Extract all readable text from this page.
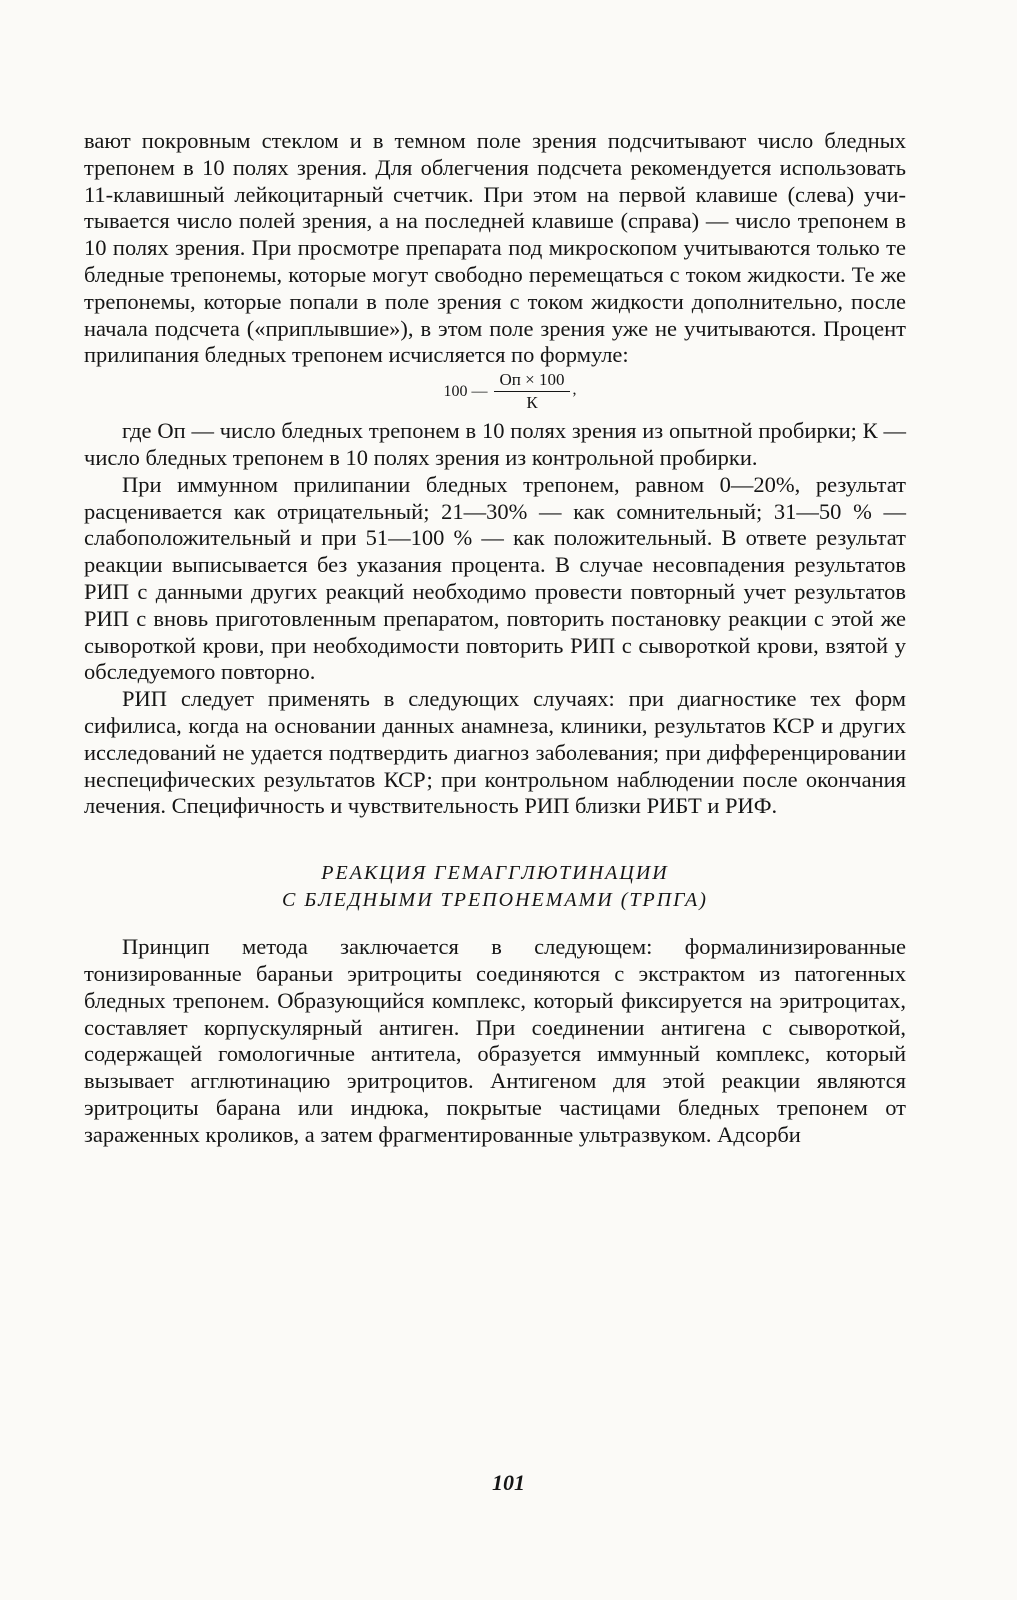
вают покровным стеклом и в темном поле зрения подсчитывают число бледных трепонем в 10 полях зрения. Для облегчения подсчета рекомендуется использовать 11-клавишный лейкоцитарный счетчик. При этом на первой клавише (слева) учитывается число полей зрения, а на последней клавише (справа) — число трепонем в 10 полях зрения. При просмотре препарата под микроскопом учитываются только те бледные трепонемы, которые могут свободно перемещаться с током жидкости. Те же трепонемы, которые попали в поле зрения с током жидкости дополнительно, после начала подсчета («приплывшие»), в этом поле зрения уже не учитываются. Процент прилипания бледных трепонем исчисляется по формуле:

100 — $\frac{Оп \times 100}{К}$ ,

где Оп — число бледных трепонем в 10 полях зрения из опытной пробирки; К — число бледных трепонем в 10 полях зрения из контрольной пробирки.

При иммунном прилипании бледных трепонем, равном 0—20%, результат расценивается как отрицательный; 21—30% — как сомнительный; 31—50 % — слабоположительный и при 51—100 % — как положительный. В ответе результат реакции выписывается без указания процента. В случае несовпадения результатов РИП с данными других реакций необходимо провести повторный учет результатов РИП с вновь приготовленным препаратом, повторить постановку реакции с этой же сывороткой крови, при необходимости повторить РИП с сывороткой крови, взятой у обследуемого повторно.

РИП следует применять в следующих случаях: при диагностике тех форм сифилиса, когда на основании данных анамнеза, клиники, результатов КСР и других исследований не удается подтвердить диагноз заболевания; при дифференцировании неспецифических результатов КСР; при контрольном наблюдении после окончания лечения. Специфичность и чувствительность РИП близки РИБТ и РИФ.

РЕАКЦИЯ ГЕМАГГЛЮТИНАЦИИ
С БЛЕДНЫМИ ТРЕПОНЕМАМИ (ТРПГА)

Принцип метода заключается в следующем: формалинизированные тонизированные бараньи эритроциты соединяются с экстрактом из патогенных бледных трепонем. Образующийся комплекс, который фиксируется на эритроцитах, составляет корпускулярный антиген. При соединении антигена с сывороткой, содержащей гомологичные антитела, образуется иммунный комплекс, который вызывает агглютинацию эритроцитов. Антигеном для этой реакции являются эритроциты барана или индюка, покрытые частицами бледных трепонем от зараженных кроликов, а затем фрагментированные ультразвуком. Адсорби

101
